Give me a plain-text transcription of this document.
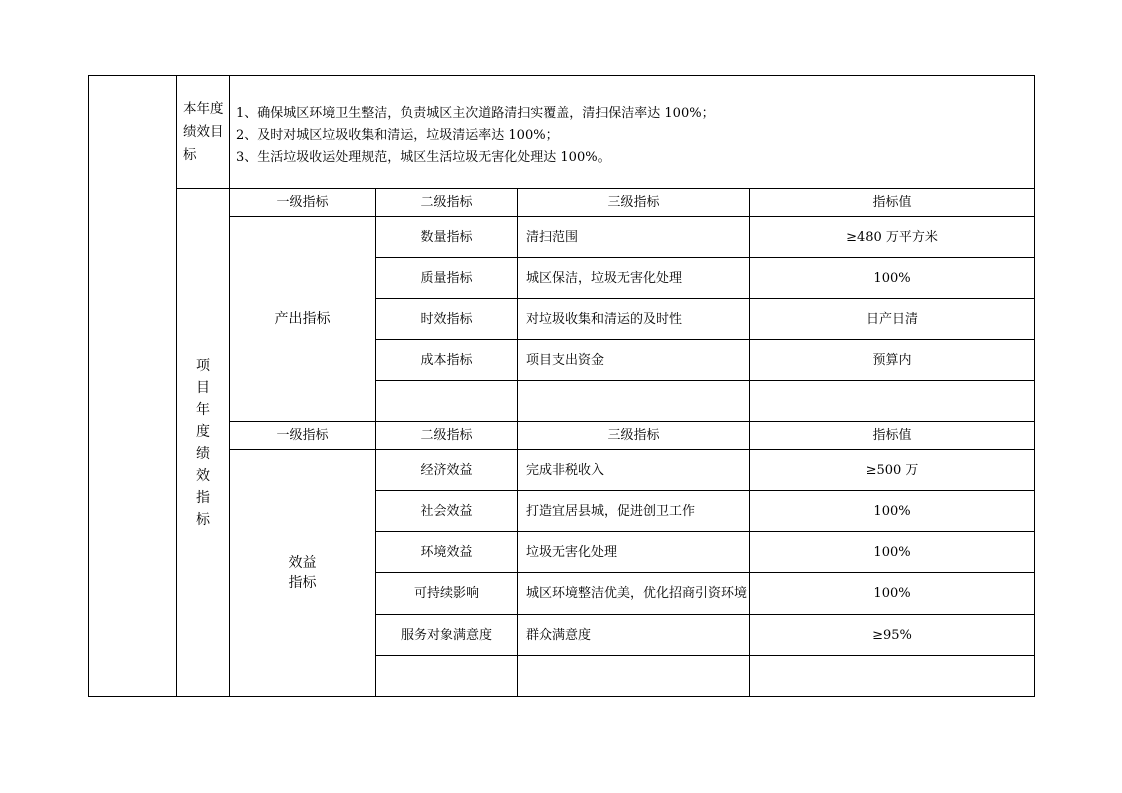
	本年度绩效目标	1、确保城区环境卫生整洁，负责城区主次道路清扫实覆盖，清扫保洁率达 100%；
2、及时对城区垃圾收集和清运，垃圾清运率达 100%；
3、生活垃圾收运处理规范，城区生活垃圾无害化处理达 100%。			

	项目年度绩效指标	一级指标	二级指标	三级指标	指标值
		产出指标	数量指标	清扫范围	≥480 万平方米
			质量指标	城区保洁，垃圾无害化处理	100%
			时效指标	对垃圾收集和清运的及时性	日产日清
			成本指标	项目支出资金	预算内

		一级指标	二级指标	三级指标	指标值

		效益
指标	经济效益	完成非税收入	≥500 万
			社会效益	打造宜居县城，促进创卫工作	100%
			环境效益	垃圾无害化处理	100%
			可持续影响	城区环境整洁优美，优化招商引资环境	100%
			服务对象满意度	群众满意度	≥95%
